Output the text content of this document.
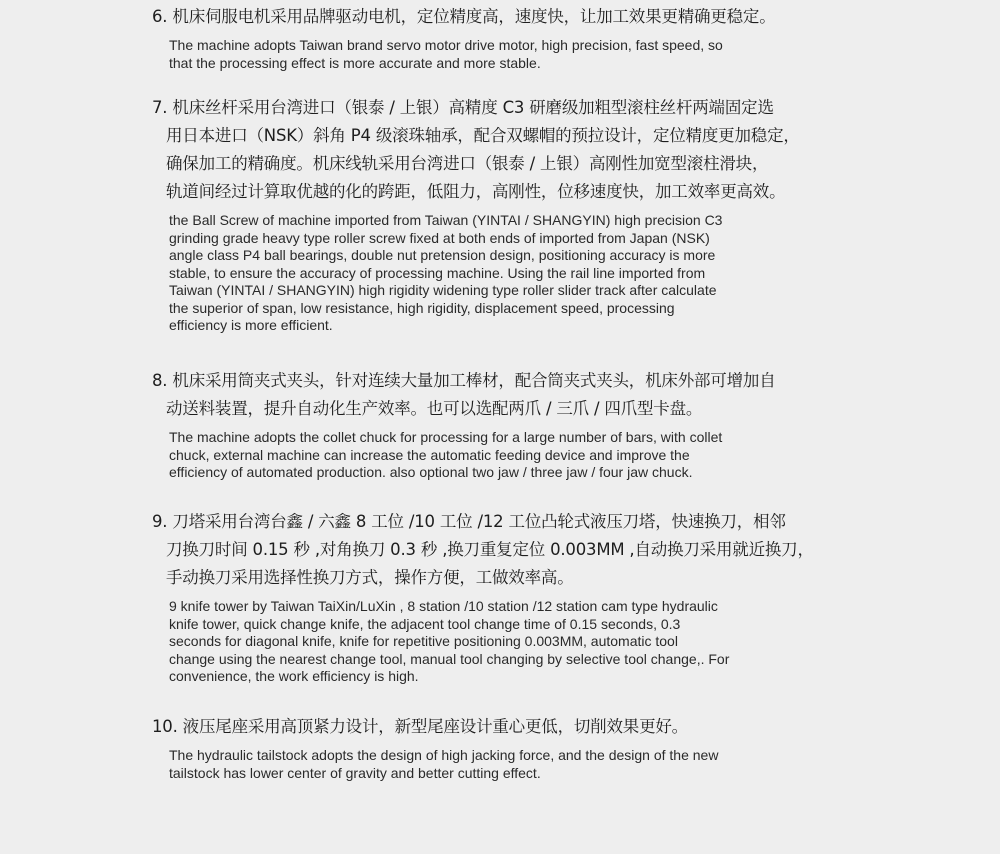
6. 机床伺服电机采用品牌驱动电机，定位精度高，速度快，让加工效果更精确更稳定。
The machine adopts Taiwan brand servo motor drive motor, high precision, fast speed, so
that the processing effect is more accurate and more stable.
7. 机床丝杆采用台湾进口（银泰 / 上银）高精度 C3 研磨级加粗型滚柱丝杆两端固定选
用日本进口（NSK）斜角 P4 级滚珠轴承，配合双螺帽的预拉设计，定位精度更加稳定，
确保加工的精确度。机床线轨采用台湾进口（银泰 / 上银）高刚性加宽型滚柱滑块，
轨道间经过计算取优越的化的跨距，低阻力，高刚性，位移速度快，加工效率更高效。
the Ball Screw of machine imported from Taiwan (YINTAI / SHANGYIN) high precision C3
grinding grade heavy type roller screw fixed at both ends of imported from Japan (NSK)
angle class P4 ball bearings, double nut pretension design, positioning accuracy is more
stable, to ensure the accuracy of processing machine. Using the rail line imported from
Taiwan (YINTAI / SHANGYIN) high rigidity widening type roller slider track after calculate
the superior of span, low resistance, high rigidity, displacement speed, processing
efficiency is more efficient.
8. 机床采用筒夹式夹头，针对连续大量加工棒材，配合筒夹式夹头，机床外部可增加自
动送料装置，提升自动化生产效率。也可以选配两爪 / 三爪 / 四爪型卡盘。
The machine adopts the collet chuck for processing for a large number of bars, with collet
chuck, external machine can increase the automatic feeding device and improve the
efficiency of automated production. also optional two jaw / three jaw / four jaw chuck.
9. 刀塔采用台湾台鑫 / 六鑫 8 工位 /10 工位 /12 工位凸轮式液压刀塔，快速换刀，相邻
刀换刀时间 0.15 秒 ,对角换刀 0.3 秒 ,换刀重复定位 0.003MM ,自动换刀采用就近换刀，
手动换刀采用选择性换刀方式，操作方便，工做效率高。
9 knife tower by Taiwan TaiXin/LuXin , 8 station /10 station /12 station cam type hydraulic
knife tower, quick change knife, the adjacent tool change time of 0.15 seconds, 0.3
seconds for diagonal knife, knife for repetitive positioning 0.003MM, automatic tool
change using the nearest change tool, manual tool changing by selective tool change,. For
convenience, the work efficiency is high.
10. 液压尾座采用高顶紧力设计，新型尾座设计重心更低，切削效果更好。
The hydraulic tailstock adopts the design of high jacking force, and the design of the new
tailstock has lower center of gravity and better cutting effect.
